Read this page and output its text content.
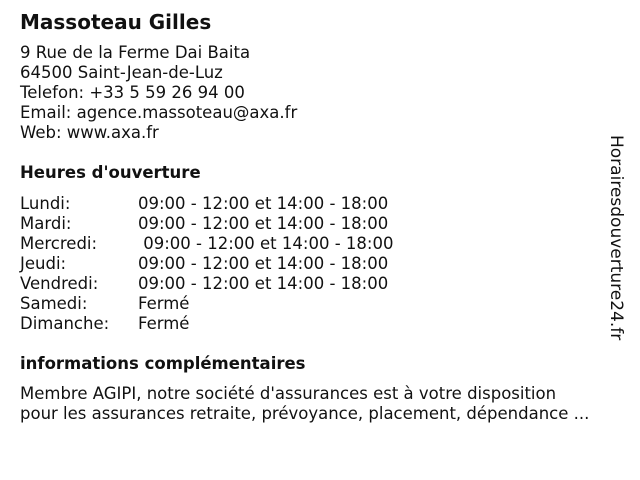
Massoteau Gilles
9 Rue de la Ferme Dai Baita
64500 Saint-Jean-de-Luz
Telefon: +33 5 59 26 94 00
Email: agence.massoteau@axa.fr
Web: www.axa.fr
Heures d'ouverture
Lundi:	09:00 - 12:00 et 14:00 - 18:00
Mardi:	09:00 - 12:00 et 14:00 - 18:00
Mercredi:	09:00 - 12:00 et 14:00 - 18:00
Jeudi:	09:00 - 12:00 et 14:00 - 18:00
Vendredi:	09:00 - 12:00 et 14:00 - 18:00
Samedi:	Fermé
Dimanche:	Fermé
informations complémentaires
Membre AGIPI, notre société d'assurances est à votre disposition
pour les assurances retraite, prévoyance, placement, dépendance ...
Horairesdouverture24.fr
